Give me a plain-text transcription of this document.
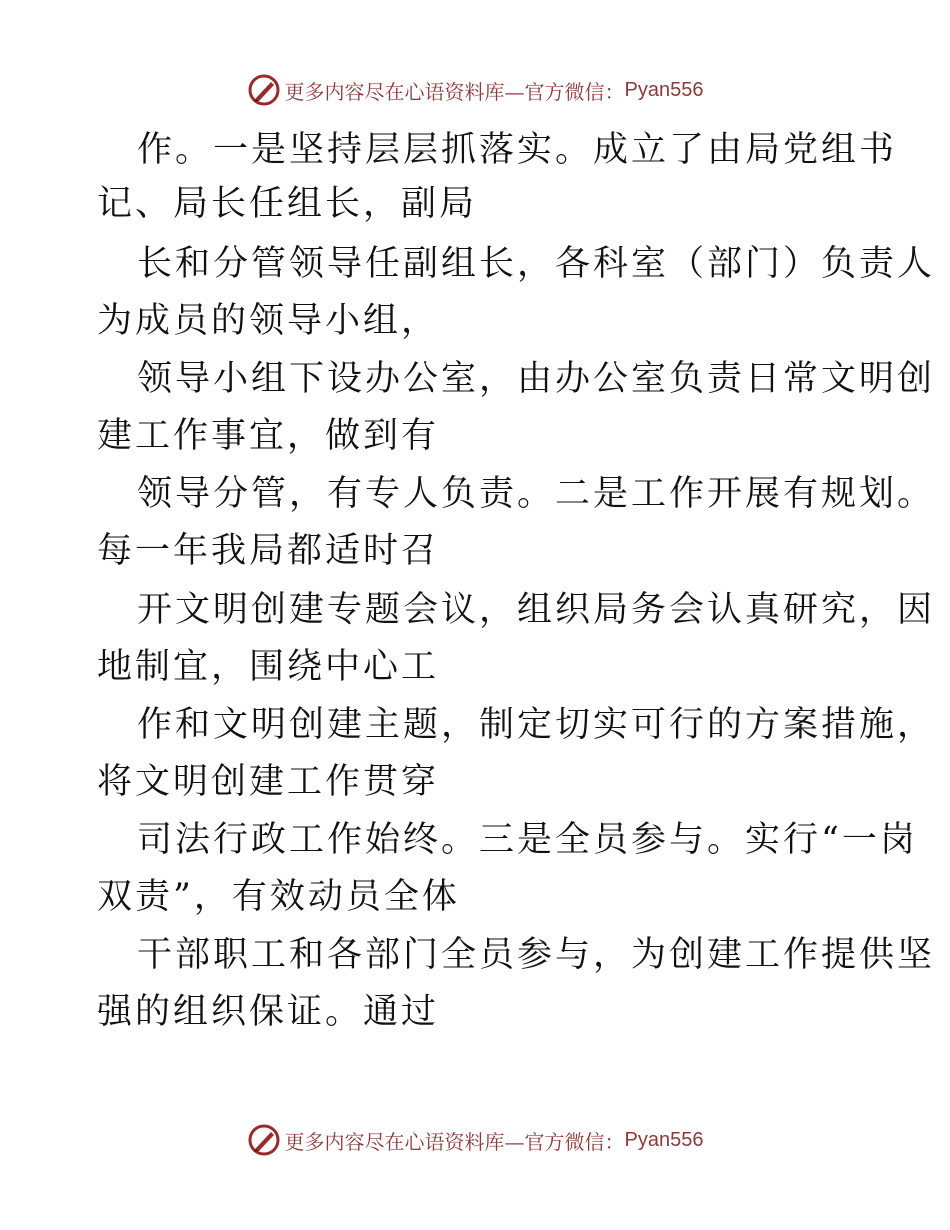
更多内容尽在心语资料库—官方微信： Pyan556
作。一是坚持层层抓落实。成立了由局党组书
记、局长任组长，副局
长和分管领导任副组长，各科室（部门）负责人
为成员的领导小组，
领导小组下设办公室，由办公室负责日常文明创
建工作事宜，做到有
领导分管，有专人负责。二是工作开展有规划。
每一年我局都适时召
开文明创建专题会议，组织局务会认真研究，因
地制宜，围绕中心工
作和文明创建主题，制定切实可行的方案措施，
将文明创建工作贯穿
司法行政工作始终。三是全员参与。实行“一岗
双责”，有效动员全体
干部职工和各部门全员参与，为创建工作提供坚
强的组织保证。通过
更多内容尽在心语资料库—官方微信： Pyan556
